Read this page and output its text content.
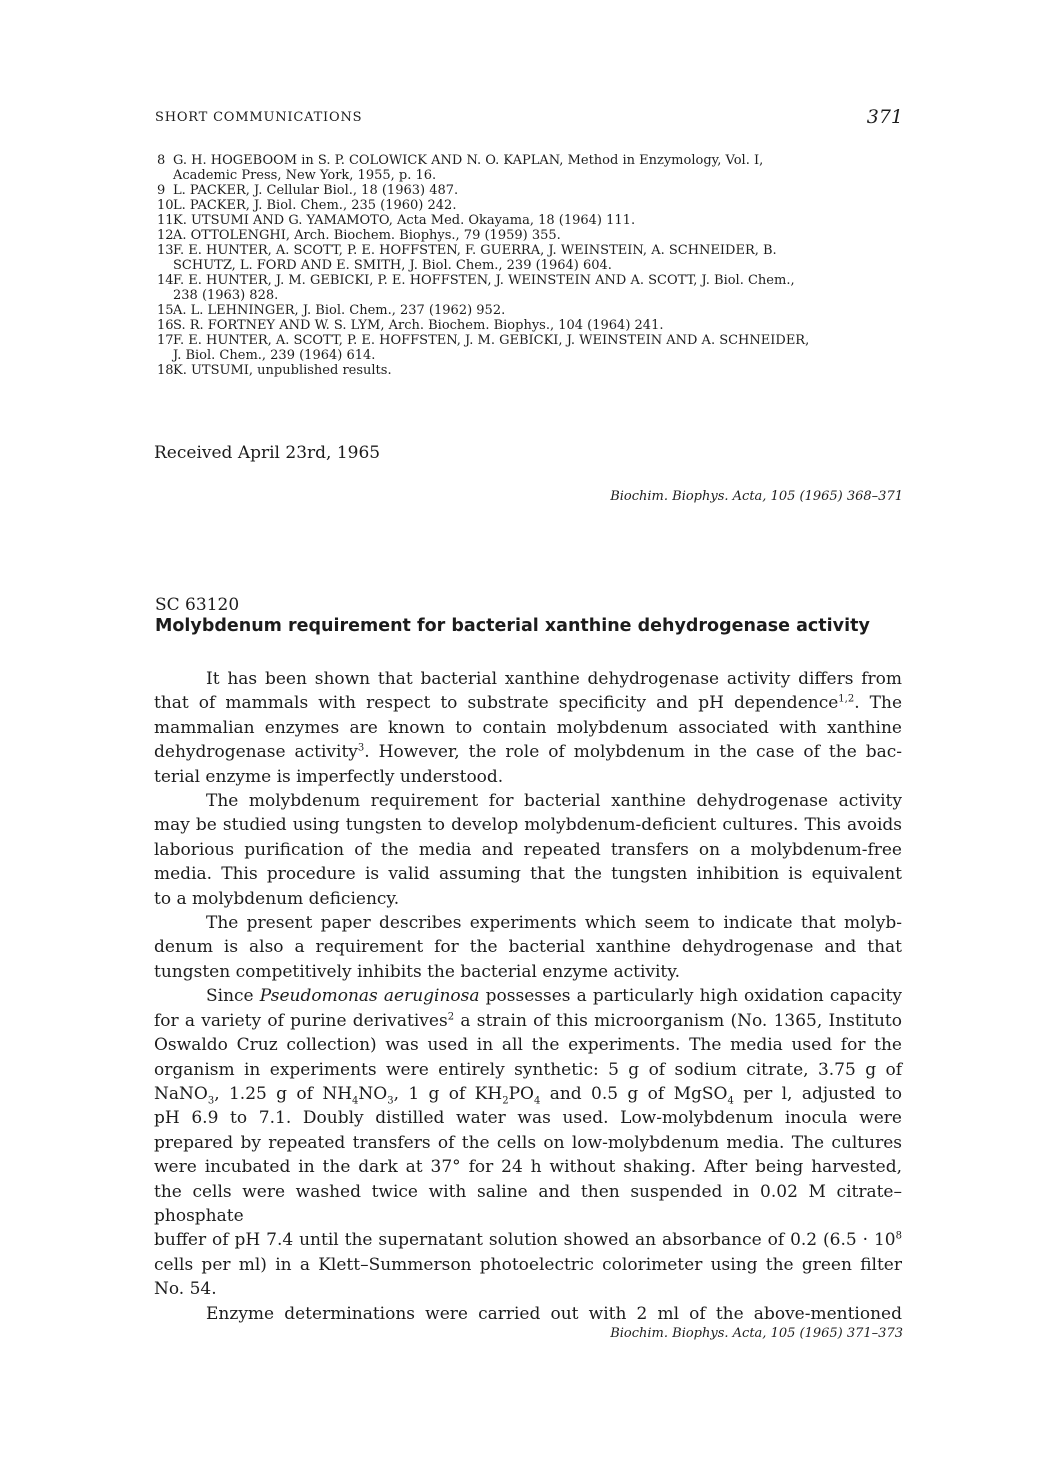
SHORT COMMUNICATIONS	371
8 G. H. HOGEBOOM in S. P. COLOWICK AND N. O. KAPLAN, Method in Enzymology, Vol. I,
Academic Press, New York, 1955, p. 16.
9 L. PACKER, J. Cellular Biol., 18 (1963) 487.
10 L. PACKER, J. Biol. Chem., 235 (1960) 242.
11 K. UTSUMI AND G. YAMAMOTO, Acta Med. Okayama, 18 (1964) 111.
12 A. OTTOLENGHI, Arch. Biochem. Biophys., 79 (1959) 355.
13 F. E. HUNTER, A. SCOTT, P. E. HOFFSTEN, F. GUERRA, J. WEINSTEIN, A. SCHNEIDER, B.
SCHUTZ, L. FORD AND E. SMITH, J. Biol. Chem., 239 (1964) 604.
14 F. E. HUNTER, J. M. GEBICKI, P. E. HOFFSTEN, J. WEINSTEIN AND A. SCOTT, J. Biol. Chem.,
238 (1963) 828.
15 A. L. LEHNINGER, J. Biol. Chem., 237 (1962) 952.
16 S. R. FORTNEY AND W. S. LYM, Arch. Biochem. Biophys., 104 (1964) 241.
17 F. E. HUNTER, A. SCOTT, P. E. HOFFSTEN, J. M. GEBICKI, J. WEINSTEIN AND A. SCHNEIDER,
J. Biol. Chem., 239 (1964) 614.
18 K. UTSUMI, unpublished results.
Received April 23rd, 1965
Biochim. Biophys. Acta, 105 (1965) 368–371
SC 63120
Molybdenum requirement for bacterial xanthine dehydrogenase activity
It has been shown that bacterial xanthine dehydrogenase activity differs from
that of mammals with respect to substrate specificity and pH dependence$^{1,2}$. The
mammalian enzymes are known to contain molybdenum associated with xanthine
dehydrogenase activity$^3$. However, the role of molybdenum in the case of the bac-
terial enzyme is imperfectly understood.
The molybdenum requirement for bacterial xanthine dehydrogenase activity
may be studied using tungsten to develop molybdenum-deficient cultures. This avoids
laborious purification of the media and repeated transfers on a molybdenum-free
media. This procedure is valid assuming that the tungsten inhibition is equivalent
to a molybdenum deficiency.
The present paper describes experiments which seem to indicate that molyb-
denum is also a requirement for the bacterial xanthine dehydrogenase and that
tungsten competitively inhibits the bacterial enzyme activity.
Since Pseudomonas aeruginosa possesses a particularly high oxidation capacity
for a variety of purine derivatives$^2$ a strain of this microorganism (No. 1365, Instituto
Oswaldo Cruz collection) was used in all the experiments. The media used for the
organism in experiments were entirely synthetic: 5 g of sodium citrate, 3.75 g of
NaNO$_3$, 1.25 g of $NH_4NO_3$, 1 g of $KH_2PO_4$ and 0.5 g of MgSO$_4$ per l, adjusted to
pH 6.9 to 7.1. Doubly distilled water was used. Low-molybdenum inocula were
prepared by repeated transfers of the cells on low-molybdenum media. The cultures
were incubated in the dark at 37° for 24 h without shaking. After being harvested,
the cells were washed twice with saline and then suspended in 0.02 M citrate–phosphate
buffer of pH 7.4 until the supernatant solution showed an absorbance of 0.2 ($6.5 \cdot 10^8$
cells per ml) in a Klett–Summerson photoelectric colorimeter using the green filter
No. 54.
Enzyme determinations were carried out with 2 ml of the above-mentioned
Biochim. Biophys. Acta, 105 (1965) 371–373
